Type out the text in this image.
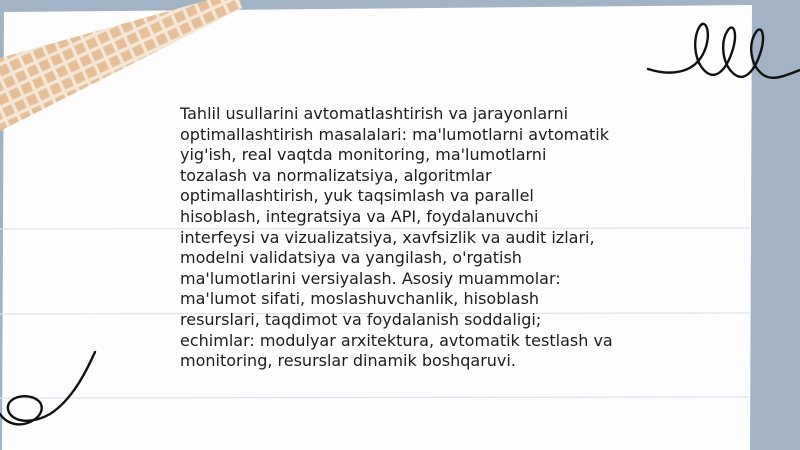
Tahlil usullarini avtomatlashtirish va jarayonlarni
optimallashtirish masalalari: ma'lumotlarni avtomatik
yig'ish, real vaqtda monitoring, ma'lumotlarni
tozalash va normalizatsiya, algoritmlar
optimallashtirish, yuk taqsimlash va parallel
hisoblash, integratsiya va API, foydalanuvchi
interfeysi va vizualizatsiya, xavfsizlik va audit izlari,
modelni validatsiya va yangilash, o'rgatish
ma'lumotlarini versiyalash. Asosiy muammolar:
ma'lumot sifati, moslashuvchanlik, hisoblash
resurslari, taqdimot va foydalanish soddaligi;
echimlar: modulyar arxitektura, avtomatik testlash va
monitoring, resurslar dinamik boshqaruvi.
